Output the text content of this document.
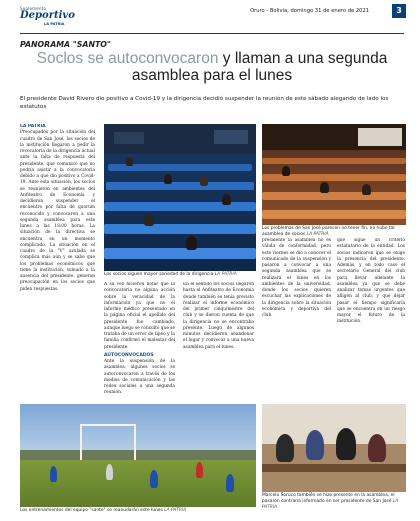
Suplemento
Deportivo
LA PATRIA
Oruro - Bolivia, domingo 31 de enero de 2021	3
PANORAMA "SANTO"
Soclos se autoconvocaron y llaman a una segunda asamblea para el lunes
El presidente David Rivero dio positivo a Covid-19 y la dirigencia decidió suspender la reunión de este sábado alegando de lado los estatutos
LA PATRIA
Preocupados por la situación del cuadro de San José, los socios de la institución llegaron a pedir la revocatoria de la dirigencia actual ante la falta de respuesta del presidente, que comunicó que no podría asistir a la convocatoria debido a que dio positivo a Covid-19. Ante esta situación, los socios se reunieron en ambientes del Anfiteatro de Economía y decidieron suspender el encuentro por falta de quorum reconocido y convocaron a una segunda asamblea para este lunes a las 18:00 horas. La situación de la directiva se encuentra en un momento complicado. La situación en el cuadro de la "V" azulada se complica más aún y se sabe que los problemas económicos que tiene la institución, sumado a la ausencia del presidente, generan preocupación en los socios que piden respuestas.
A su vez hicieron notar que la convocatoria no alguna acción sobre la veracidad de la información ya que no el informe médico presentado en la página oficial el apellido del presidente fue cambiado, aunque luego se consultó que se trataba de un error de tipeo y la familia confirmó el malestar del presidente.
AUTOCONVOCADOS
Ante la suspensión de la asamblea, algunos socios se autoconvocaron a través de los medios de comunicación y las redes sociales a una segunda reunión.
En el sentido los socios llegaron hasta el Anfiteatro de Economía donde también se tenía previsto realizar el informe económico del primer cinquimestre del club y se dieron cuenta de que la dirigencia no se encontraba presente. Luego de algunos minutos decidieron abandonar el lugar y convocar a una nueva asamblea para el lunes.
presidente la asamblea no es válida de conformidad, pero este viernes se dio a conocer el comunicado de la suspensión y pasaron a convocar a una segunda asamblea que se realizará el lunes en los ambientes de la universidad, donde los socios quieren escuchar las explicaciones de la dirigencia sobre la situación económica y deportiva del club.
que sigue un criterio estatutario de la entidad. Los socios indicaron que se exige la presencia del presidente. Además, y en todo caso el secretario General del club para llevar adelante la asamblea ya que se debe analizar temas urgentes que afligen al club, y que dejar pasar el tiempo significaría que se encuentra en un riesgo mayor el futuro de la institución.
Los socios siguen mayor seriedad de la dirigencia LA PATRIA
Los problemas de San José parecen no tener fin, no hubo tal asamblea de socios LA PATRIA
Los entrenamientos del equipo "santo" se reanudarán este lunes LA PATRIA
Marcelo Soruco también se hizo presente en la asamblea, el pasaron contraria informado en ser presidente de San José LA PATRIA
